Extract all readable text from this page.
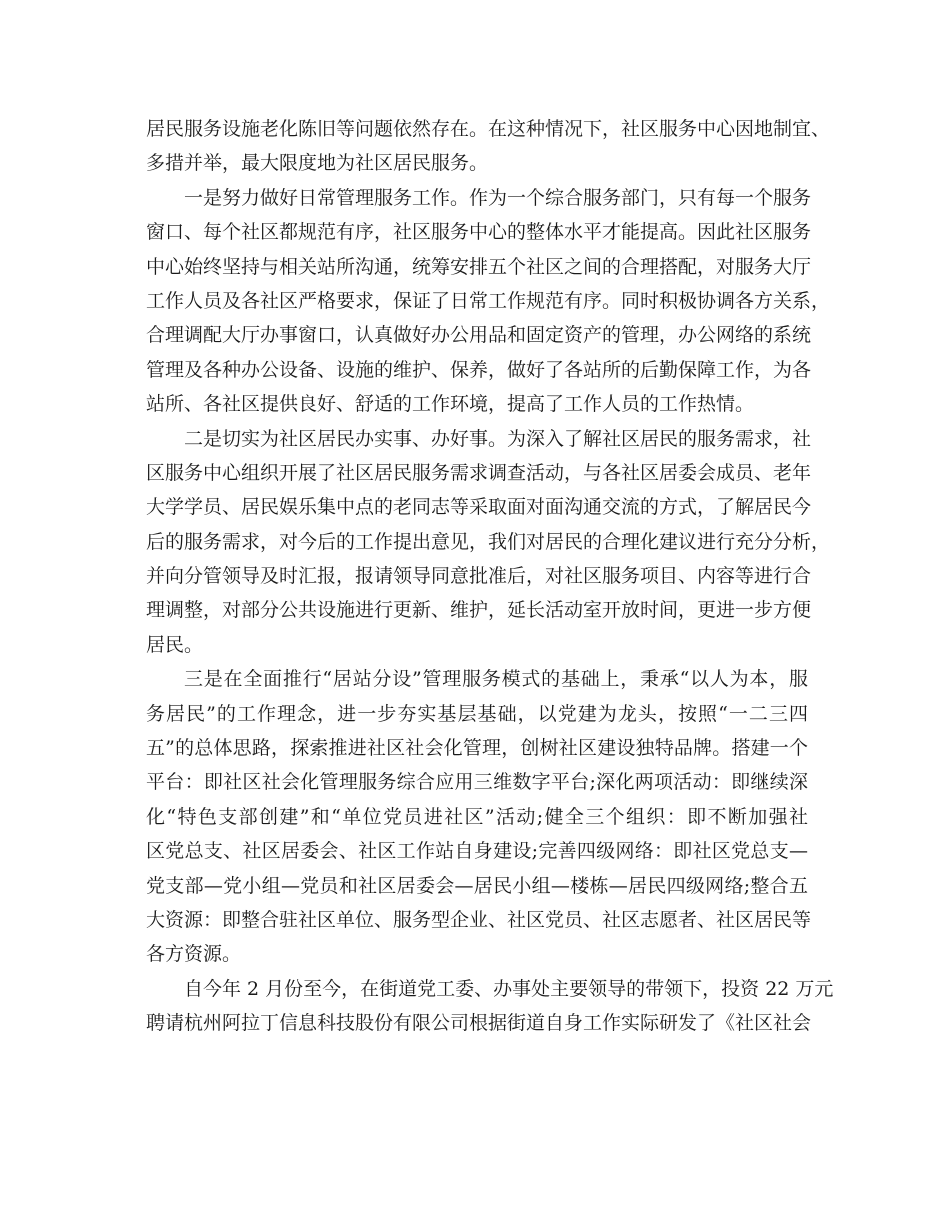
居民服务设施老化陈旧等问题依然存在。在这种情况下，社区服务中心因地制宜、
多措并举，最大限度地为社区居民服务。
一是努力做好日常管理服务工作。作为一个综合服务部门，只有每一个服务
窗口、每个社区都规范有序，社区服务中心的整体水平才能提高。因此社区服务
中心始终坚持与相关站所沟通，统筹安排五个社区之间的合理搭配，对服务大厅
工作人员及各社区严格要求，保证了日常工作规范有序。同时积极协调各方关系，
合理调配大厅办事窗口，认真做好办公用品和固定资产的管理，办公网络的系统
管理及各种办公设备、设施的维护、保养，做好了各站所的后勤保障工作，为各
站所、各社区提供良好、舒适的工作环境，提高了工作人员的工作热情。
二是切实为社区居民办实事、办好事。为深入了解社区居民的服务需求，社
区服务中心组织开展了社区居民服务需求调查活动，与各社区居委会成员、老年
大学学员、居民娱乐集中点的老同志等采取面对面沟通交流的方式，了解居民今
后的服务需求，对今后的工作提出意见，我们对居民的合理化建议进行充分分析，
并向分管领导及时汇报，报请领导同意批准后，对社区服务项目、内容等进行合
理调整，对部分公共设施进行更新、维护，延长活动室开放时间，更进一步方便
居民。
三是在全面推行“居站分设”管理服务模式的基础上，秉承“以人为本，服
务居民”的工作理念，进一步夯实基层基础，以党建为龙头，按照“一二三四
五”的总体思路，探索推进社区社会化管理，创树社区建设独特品牌。搭建一个
平台：即社区社会化管理服务综合应用三维数字平台;深化两项活动：即继续深
化“特色支部创建”和“单位党员进社区”活动;健全三个组织：即不断加强社
区党总支、社区居委会、社区工作站自身建设;完善四级网络：即社区党总支—
党支部—党小组—党员和社区居委会—居民小组—楼栋—居民四级网络;整合五
大资源：即整合驻社区单位、服务型企业、社区党员、社区志愿者、社区居民等
各方资源。
自今年 2 月份至今，在街道党工委、办事处主要领导的带领下，投资 22 万元
聘请杭州阿拉丁信息科技股份有限公司根据街道自身工作实际研发了《社区社会
